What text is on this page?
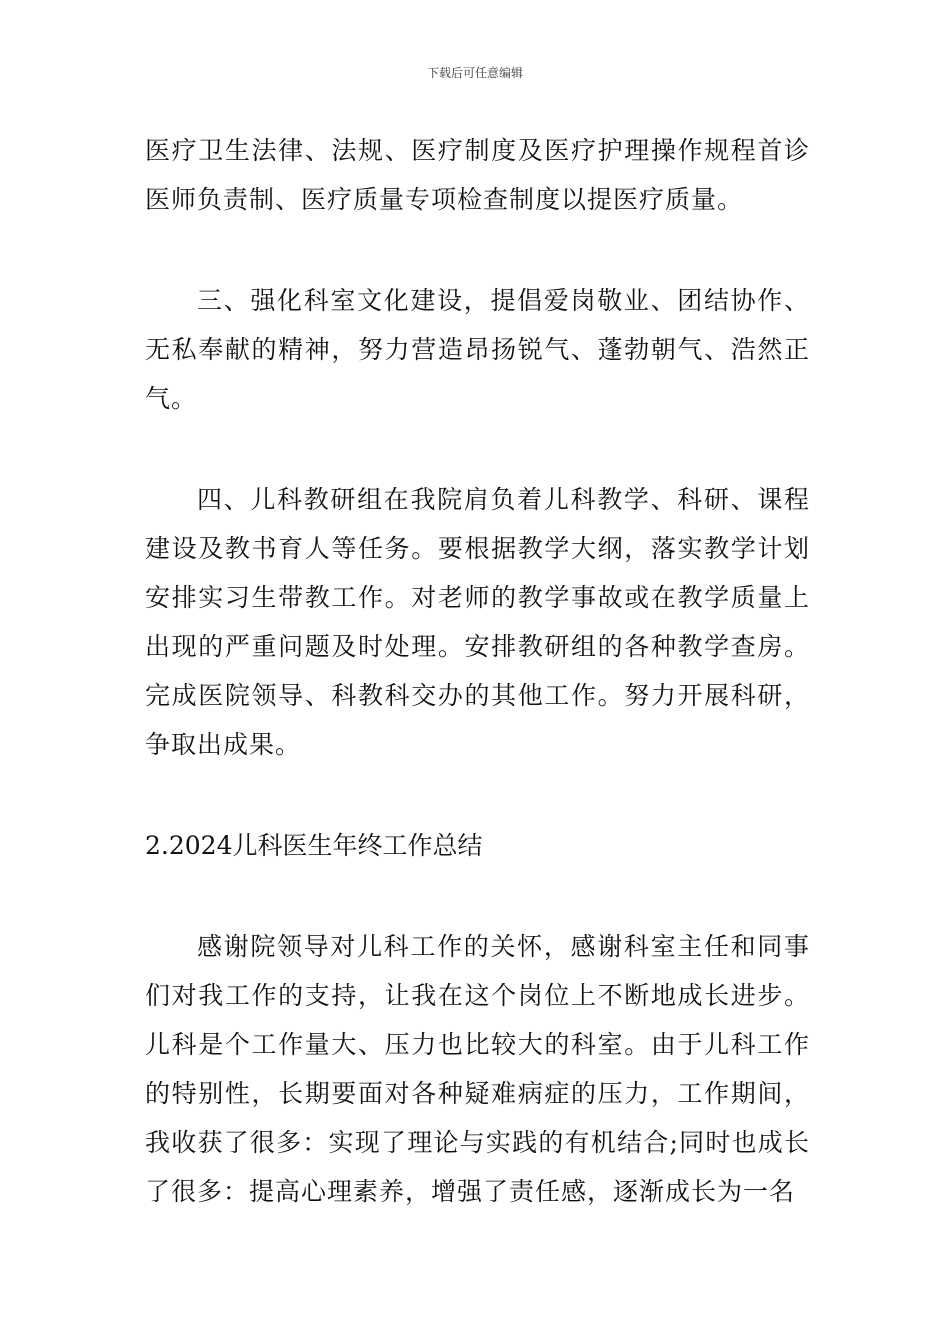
下载后可任意编辑

医疗卫生法律、法规、医疗制度及医疗护理操作规程首诊医师负责制、医疗质量专项检查制度以提医疗质量。

三、强化科室文化建设，提倡爱岗敬业、团结协作、无私奉献的精神，努力营造昂扬锐气、蓬勃朝气、浩然正气。

四、儿科教研组在我院肩负着儿科教学、科研、课程建设及教书育人等任务。要根据教学大纲，落实教学计划安排实习生带教工作。对老师的教学事故或在教学质量上出现的严重问题及时处理。安排教研组的各种教学查房。完成医院领导、科教科交办的其他工作。努力开展科研，争取出成果。

2.2024儿科医生年终工作总结

感谢院领导对儿科工作的关怀，感谢科室主任和同事们对我工作的支持，让我在这个岗位上不断地成长进步。儿科是个工作量大、压力也比较大的科室。由于儿科工作的特别性，长期要面对各种疑难病症的压力，工作期间，我收获了很多：实现了理论与实践的有机结合;同时也成长了很多：提高心理素养，增强了责任感，逐渐成长为一名
